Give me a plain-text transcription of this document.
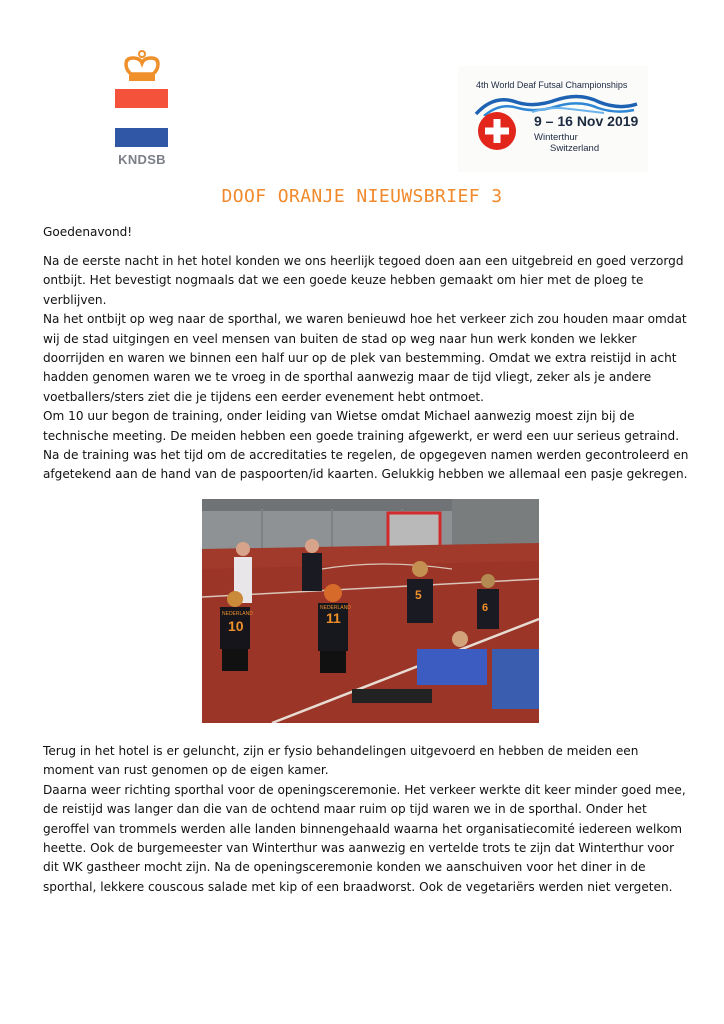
KNDSB
4th World Deaf Futsal Championships
9 – 16 Nov 2019
Winterthur
Switzerland
DOOF ORANJE NIEUWSBRIEF 3

Goedenavond!

Na de eerste nacht in het hotel konden we ons heerlijk tegoed doen aan een uitgebreid en goed verzorgd ontbijt. Het bevestigt nogmaals dat we een goede keuze hebben gemaakt om hier met de ploeg te verblijven.

Na het ontbijt op weg naar de sporthal, we waren benieuwd hoe het verkeer zich zou houden maar omdat wij de stad uitgingen en veel mensen van buiten de stad op weg naar hun werk konden we lekker doorrijden en waren we binnen een half uur op de plek van bestemming. Omdat we extra reistijd in acht hadden genomen waren we te vroeg in de sporthal aanwezig maar de tijd vliegt, zeker als je andere voetballers/sters ziet die je tijdens een eerder evenement hebt ontmoet.

Om 10 uur begon de training, onder leiding van Wietse omdat Michael aanwezig moest zijn bij de technische meeting. De meiden hebben een goede training afgewerkt, er werd een uur serieus getraind.

Na de training was het tijd om de accreditaties te regelen, de opgegeven namen werden gecontroleerd en afgetekend aan de hand van de paspoorten/id kaarten. Gelukkig hebben we allemaal een pasje gekregen.

NEDERLAND
NEDERLAND
10	11
5
6

Terug in het hotel is er geluncht, zijn er fysio behandelingen uitgevoerd en hebben de meiden een moment van rust genomen op de eigen kamer.

Daarna weer richting sporthal voor de openingsceremonie. Het verkeer werkte dit keer minder goed mee, de reistijd was langer dan die van de ochtend maar ruim op tijd waren we in de sporthal. Onder het geroffel van trommels werden alle landen binnengehaald waarna het organisatiecomité iedereen welkom heette. Ook de burgemeester van Winterthur was aanwezig en vertelde trots te zijn dat Winterthur voor dit WK gastheer mocht zijn. Na de openingsceremonie konden we aanschuiven voor het diner in de sporthal, lekkere couscous salade met kip of een braadworst. Ook de vegetariërs werden niet vergeten.
